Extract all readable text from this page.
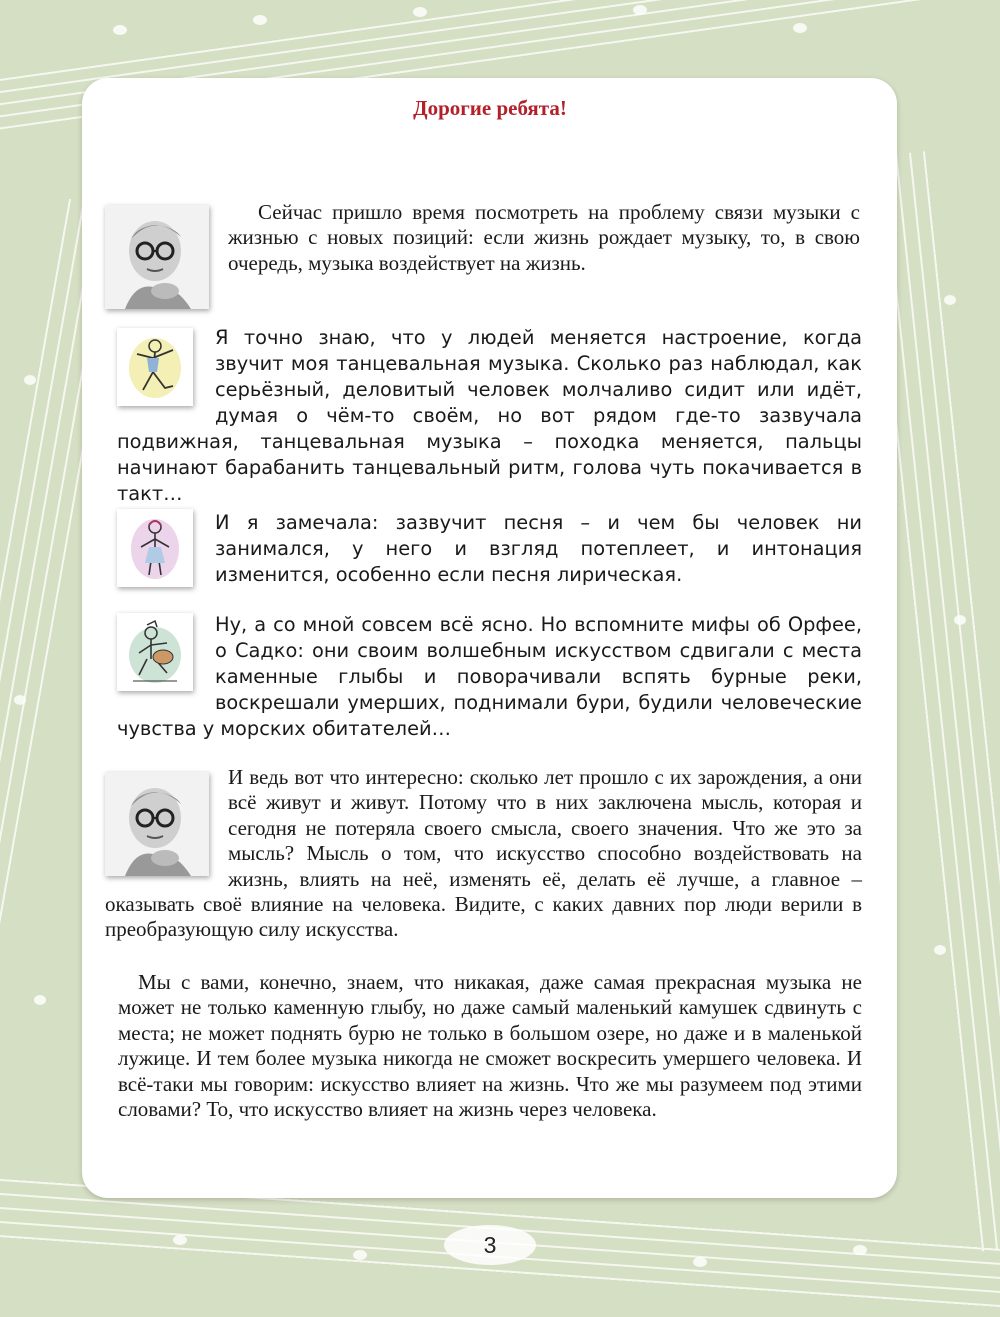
Дорогие ребята!
Сейчас пришло время посмотреть на проблему связи музыки с жизнью с новых позиций: если жизнь рождает музыку, то, в свою очередь, музыка воздействует на жизнь.
Я точно знаю, что у людей меняется настроение, когда звучит моя танцевальная музыка. Сколько раз наблюдал, как серьёзный, деловитый человек молчаливо сидит или идёт, думая о чём-то своём, но вот рядом где-то зазвучала подвижная, танцевальная музыка – походка меняется, пальцы начинают барабанить танцевальный ритм, голова чуть покачивается в такт…
И я замечала: зазвучит песня – и чем бы человек ни занимался, у него и взгляд потеплеет, и интонация изменится, особенно если песня лирическая.
Ну, а со мной совсем всё ясно. Но вспомните мифы об Орфее, о Садко: они своим волшебным искусством сдвигали с места каменные глыбы и поворачивали вспять бурные реки, воскрешали умерших, поднимали бури, будили человеческие чувства у морских обитателей…
И ведь вот что интересно: сколько лет прошло с их зарождения, а они всё живут и живут. Потому что в них заключена мысль, которая и сегодня не потеряла своего смысла, своего значения. Что же это за мысль? Мысль о том, что искусство способно воздействовать на жизнь, влиять на неё, изменять её, делать её лучше, а главное – оказывать своё влияние на человека. Видите, с каких давних пор люди верили в преобразующую силу искусства.
Мы с вами, конечно, знаем, что никакая, даже самая прекрасная музыка не может не только каменную глыбу, но даже самый маленький камушек сдвинуть с места; не может поднять бурю не только в большом озере, но даже и в маленькой лужице. И тем более музыка никогда не сможет воскресить умершего человека. И всё-таки мы говорим: искусство влияет на жизнь. Что же мы разумеем под этими словами? То, что искусство влияет на жизнь через человека.
3
